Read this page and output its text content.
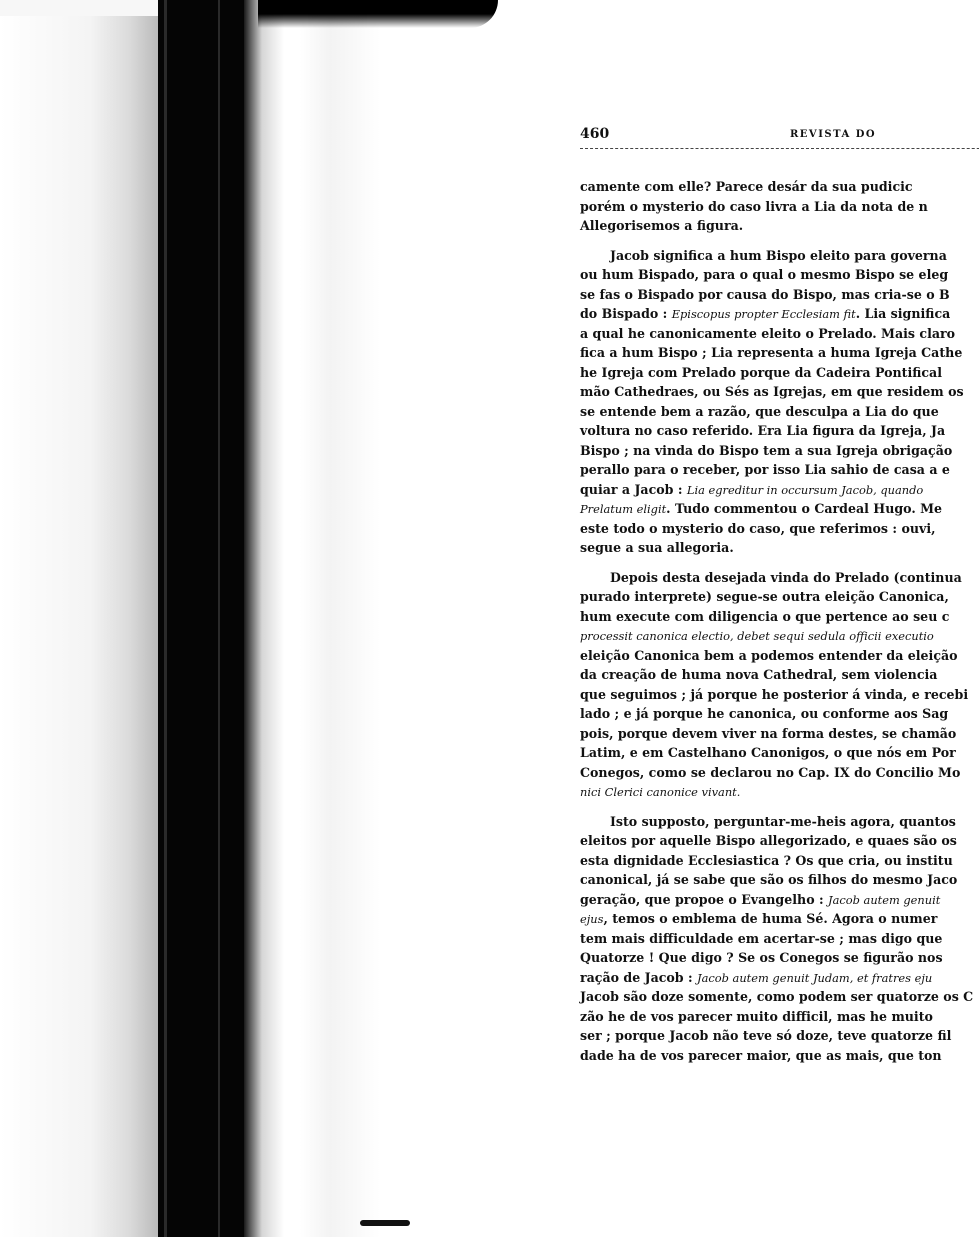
460	REVISTA DO
camente com elle? Parece desár da sua pudicic
porém o mysterio do caso livra a Lia da nota de n
Allegorisemos a figura.
Jacob significa a hum Bispo eleito para governa
ou hum Bispado, para o qual o mesmo Bispo se eleg
se fas o Bispado por causa do Bispo, mas cria-se o B
do Bispado : Episcopus propter Ecclesiam fit. Lia significa
a qual he canonicamente eleito o Prelado. Mais claro
fica a hum Bispo ; Lia representa a huma Igreja Cathe
he Igreja com Prelado porque da Cadeira Pontifical
mão Cathedraes, ou Sés as Igrejas, em que residem os
se entende bem a razão, que desculpa a Lia do que
voltura no caso referido. Era Lia figura da Igreja, Ja
Bispo ; na vinda do Bispo tem a sua Igreja obrigação
perallo para o receber, por isso Lia sahio de casa a e
quiar a Jacob : Lia egreditur in occursum Jacob, quando
Prelatum eligit. Tudo commentou o Cardeal Hugo. Me
este todo o mysterio do caso, que referimos : ouvi,
segue a sua allegoria.
Depois desta desejada vinda do Prelado (continua
purado interprete) segue-se outra eleição Canonica,
hum execute com diligencia o que pertence ao seu c
processit canonica electio, debet sequi sedula officii executio
eleição Canonica bem a podemos entender da eleição
da creação de huma nova Cathedral, sem violencia
que seguimos ; já porque he posterior á vinda, e recebi
lado ; e já porque he canonica, ou conforme aos Sag
pois, porque devem viver na forma destes, se chamão
Latim, e em Castelhano Canonigos, o que nós em Por
Conegos, como se declarou no Cap. IX do Concilio Mo
nici Clerici canonice vivant.
Isto supposto, perguntar-me-heis agora, quantos
eleitos por aquelle Bispo allegorizado, e quaes são os
esta dignidade Ecclesiastica ? Os que cria, ou institu
canonical, já se sabe que são os filhos do mesmo Jaco
geração, que propoe o Evangelho : Jacob autem genuit
ejus, temos o emblema de huma Sé. Agora o numer
tem mais difficuldade em acertar-se ; mas digo que
Quatorze ! Que digo ? Se os Conegos se figurão nos
ração de Jacob : Jacob autem genuit Judam, et fratres eju
Jacob são doze somente, como podem ser quatorze os C
zão he de vos parecer muito difficil, mas he muito
ser ; porque Jacob não teve só doze, teve quatorze fil
dade ha de vos parecer maior, que as mais, que ton
